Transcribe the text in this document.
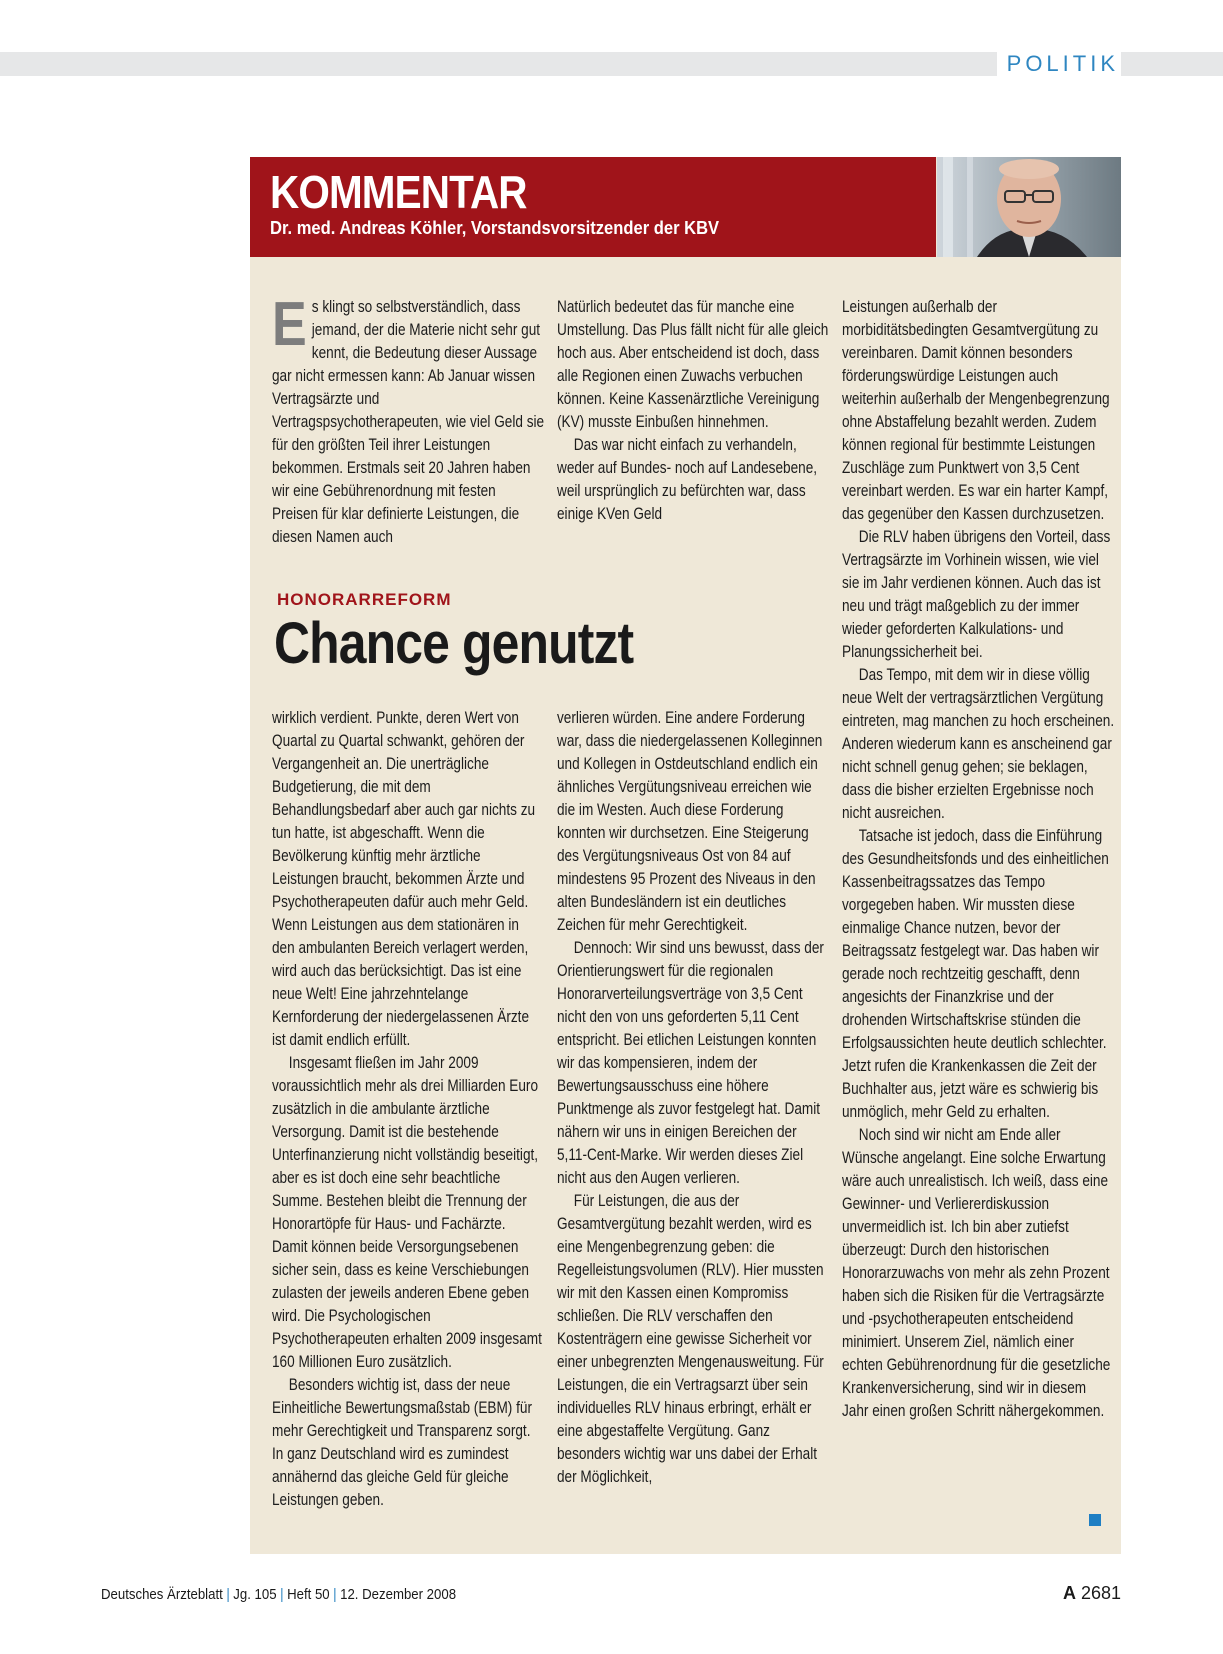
POLITIK
KOMMENTAR
Dr. med. Andreas Köhler, Vorstandsvorsitzender der KBV

Es klingt so selbstverständlich, dass jemand, der die Materie nicht sehr gut kennt, die Bedeutung dieser Aussage gar nicht ermessen kann: Ab Januar wissen Vertragsärzte und Vertragspsychotherapeuten, wie viel Geld sie für den größten Teil ihrer Leistungen bekommen. Erstmals seit 20 Jahren haben wir eine Gebührenordnung mit festen Preisen für klar definierte Leistungen, die diesen Namen auch

Natürlich bedeutet das für manche eine Umstellung. Das Plus fällt nicht für alle gleich hoch aus. Aber entscheidend ist doch, dass alle Regionen einen Zuwachs verbuchen können. Keine Kassenärztliche Vereinigung (KV) musste Einbußen hinnehmen.

Das war nicht einfach zu verhandeln, weder auf Bundes- noch auf Landesebene, weil ursprünglich zu befürchten war, dass einige KVen Geld

HONORARREFORM
Chance genutzt

wirklich verdient. Punkte, deren Wert von Quartal zu Quartal schwankt, gehören der Vergangenheit an. Die unerträgliche Budgetierung, die mit dem Behandlungsbedarf aber auch gar nichts zu tun hatte, ist abgeschafft. Wenn die Bevölkerung künftig mehr ärztliche Leistungen braucht, bekommen Ärzte und Psychotherapeuten dafür auch mehr Geld. Wenn Leistungen aus dem stationären in den ambulanten Bereich verlagert werden, wird auch das berücksichtigt. Das ist eine neue Welt! Eine jahrzehntelange Kernforderung der niedergelassenen Ärzte ist damit endlich erfüllt.

Insgesamt fließen im Jahr 2009 voraussichtlich mehr als drei Milliarden Euro zusätzlich in die ambulante ärztliche Versorgung. Damit ist die bestehende Unterfinanzierung nicht vollständig beseitigt, aber es ist doch eine sehr beachtliche Summe. Bestehen bleibt die Trennung der Honorartöpfe für Haus- und Fachärzte. Damit können beide Versorgungsebenen sicher sein, dass es keine Verschiebungen zulasten der jeweils anderen Ebene geben wird. Die Psychologischen Psychotherapeuten erhalten 2009 insgesamt 160 Millionen Euro zusätzlich.

Besonders wichtig ist, dass der neue Einheitliche Bewertungsmaßstab (EBM) für mehr Gerechtigkeit und Transparenz sorgt. In ganz Deutschland wird es zumindest annähernd das gleiche Geld für gleiche Leistungen geben.

verlieren würden. Eine andere Forderung war, dass die niedergelassenen Kolleginnen und Kollegen in Ostdeutschland endlich ein ähnliches Vergütungsniveau erreichen wie die im Westen. Auch diese Forderung konnten wir durchsetzen. Eine Steigerung des Vergütungsniveaus Ost von 84 auf mindestens 95 Prozent des Niveaus in den alten Bundesländern ist ein deutliches Zeichen für mehr Gerechtigkeit.

Dennoch: Wir sind uns bewusst, dass der Orientierungswert für die regionalen Honorarverteilungsverträge von 3,5 Cent nicht den von uns geforderten 5,11 Cent entspricht. Bei etlichen Leistungen konnten wir das kompensieren, indem der Bewertungsausschuss eine höhere Punktmenge als zuvor festgelegt hat. Damit nähern wir uns in einigen Bereichen der 5,11-Cent-Marke. Wir werden dieses Ziel nicht aus den Augen verlieren.

Für Leistungen, die aus der Gesamtvergütung bezahlt werden, wird es eine Mengenbegrenzung geben: die Regelleistungsvolumen (RLV). Hier mussten wir mit den Kassen einen Kompromiss schließen. Die RLV verschaffen den Kostenträgern eine gewisse Sicherheit vor einer unbegrenzten Mengenausweitung. Für Leistungen, die ein Vertragsarzt über sein individuelles RLV hinaus erbringt, erhält er eine abgestaffelte Vergütung. Ganz besonders wichtig war uns dabei der Erhalt der Möglichkeit,

Leistungen außerhalb der morbiditätsbedingten Gesamtvergütung zu vereinbaren. Damit können besonders förderungswürdige Leistungen auch weiterhin außerhalb der Mengenbegrenzung ohne Abstaffelung bezahlt werden. Zudem können regional für bestimmte Leistungen Zuschläge zum Punktwert von 3,5 Cent vereinbart werden. Es war ein harter Kampf, das gegenüber den Kassen durchzusetzen.

Die RLV haben übrigens den Vorteil, dass Vertragsärzte im Vorhinein wissen, wie viel sie im Jahr verdienen können. Auch das ist neu und trägt maßgeblich zu der immer wieder geforderten Kalkulations- und Planungssicherheit bei.

Das Tempo, mit dem wir in diese völlig neue Welt der vertragsärztlichen Vergütung eintreten, mag manchen zu hoch erscheinen. Anderen wiederum kann es anscheinend gar nicht schnell genug gehen; sie beklagen, dass die bisher erzielten Ergebnisse noch nicht ausreichen.

Tatsache ist jedoch, dass die Einführung des Gesundheitsfonds und des einheitlichen Kassenbeitragssatzes das Tempo vorgegeben haben. Wir mussten diese einmalige Chance nutzen, bevor der Beitragssatz festgelegt war. Das haben wir gerade noch rechtzeitig geschafft, denn angesichts der Finanzkrise und der drohenden Wirtschaftskrise stünden die Erfolgsaussichten heute deutlich schlechter. Jetzt rufen die Krankenkassen die Zeit der Buchhalter aus, jetzt wäre es schwierig bis unmöglich, mehr Geld zu erhalten.

Noch sind wir nicht am Ende aller Wünsche angelangt. Eine solche Erwartung wäre auch unrealistisch. Ich weiß, dass eine Gewinner- und Verliererdiskussion unvermeidlich ist. Ich bin aber zutiefst überzeugt: Durch den historischen Honorarzuwachs von mehr als zehn Prozent haben sich die Risiken für die Vertragsärzte und -psychotherapeuten entscheidend minimiert. Unserem Ziel, nämlich einer echten Gebührenordnung für die gesetzliche Krankenversicherung, sind wir in diesem Jahr einen großen Schritt nähergekommen.

Deutsches Ärzteblatt | Jg. 105 | Heft 50 | 12. Dezember 2008	A 2681
